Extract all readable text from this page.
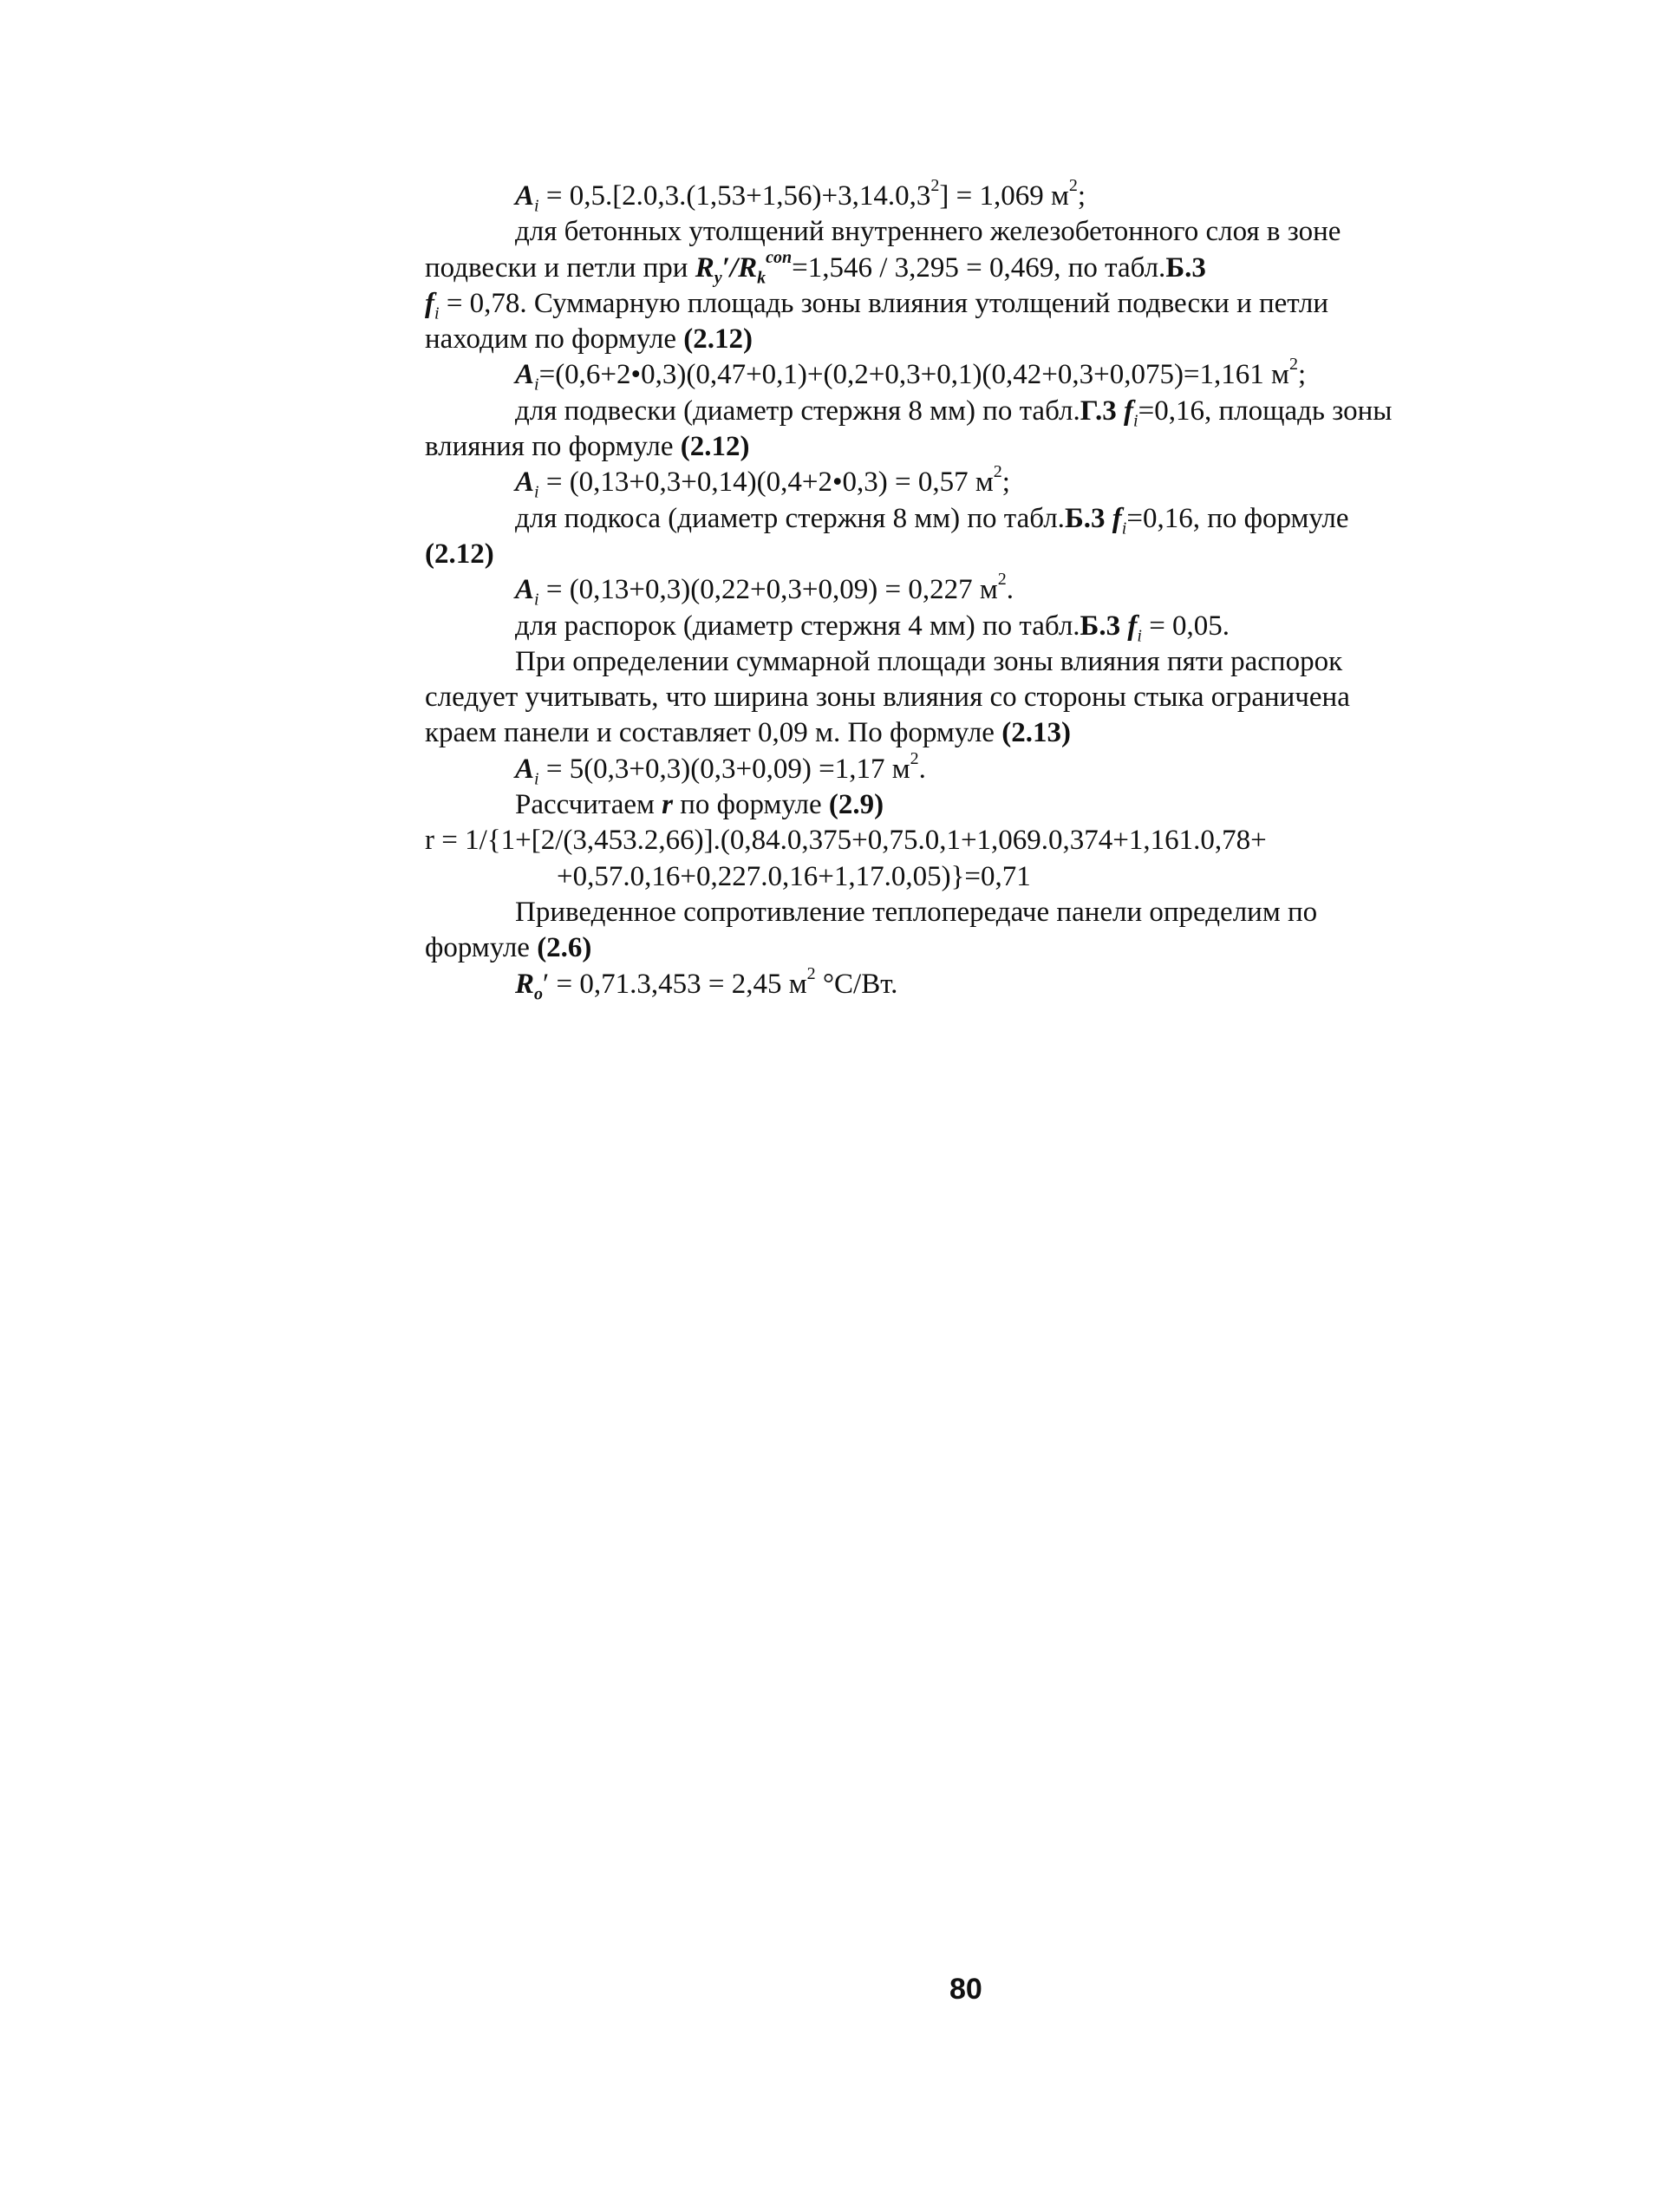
$A_i = 0,5.[2.0,3.(1,53+1,56)+3,14.0,3^2] = 1,069$ $м^2$;
для бетонных утолщений внутреннего железобетонного слоя в зоне
подвески и петли при $R_y'/R_k^{con}=1,546 / 3,295 = 0,469$, по табл.Б.3
$f_i = 0,78$. Суммарную площадь зоны влияния утолщений подвески и петли
находим по формуле (2.12)
$A_i=(0,6+2•0,3)(0,47+0,1)+(0,2+0,3+0,1)(0,42+0,3+0,075)=1,161$ $м^2$;
для подвески (диаметр стержня 8 мм) по табл.Г.3 $f_i=0,16$, площадь зоны
влияния по формуле (2.12)
$A_i$ = (0,13+0,3+0,14)(0,4+2•0,3) = 0,57 $м^2$;
для подкоса (диаметр стержня 8 мм) по табл.Б.3 $f_i=0,16$, по формуле
(2.12)
$A_i = (0,13+0,3)(0,22+0,3+0,09) = 0,227$ $м^2$.
для распорок (диаметр стержня 4 мм) по табл.Б.3 $f_i = 0,05$.
При определении суммарной площади зоны влияния пяти распорок
следует учитывать, что ширина зоны влияния со стороны стыка ограничена
краем панели и составляет 0,09 м. По формуле (2.13)
$A_i = 5(0,3+0,3)(0,3+0,09) =1,17$ $м^2$.
Рассчитаем r по формуле (2.9)
r = 1/{1+[2/(3,453.2,66)].(0,84.0,375+0,75.0,1+1,069.0,374+1,161.0,78+
+0,57.0,16+0,227.0,16+1,17.0,05)}=0,71
Приведенное сопротивление теплопередаче панели определим по
формуле (2.6)
$R_o' = 0,71.3,453 = 2,45$ $м^2$ °С/Вт.
80
